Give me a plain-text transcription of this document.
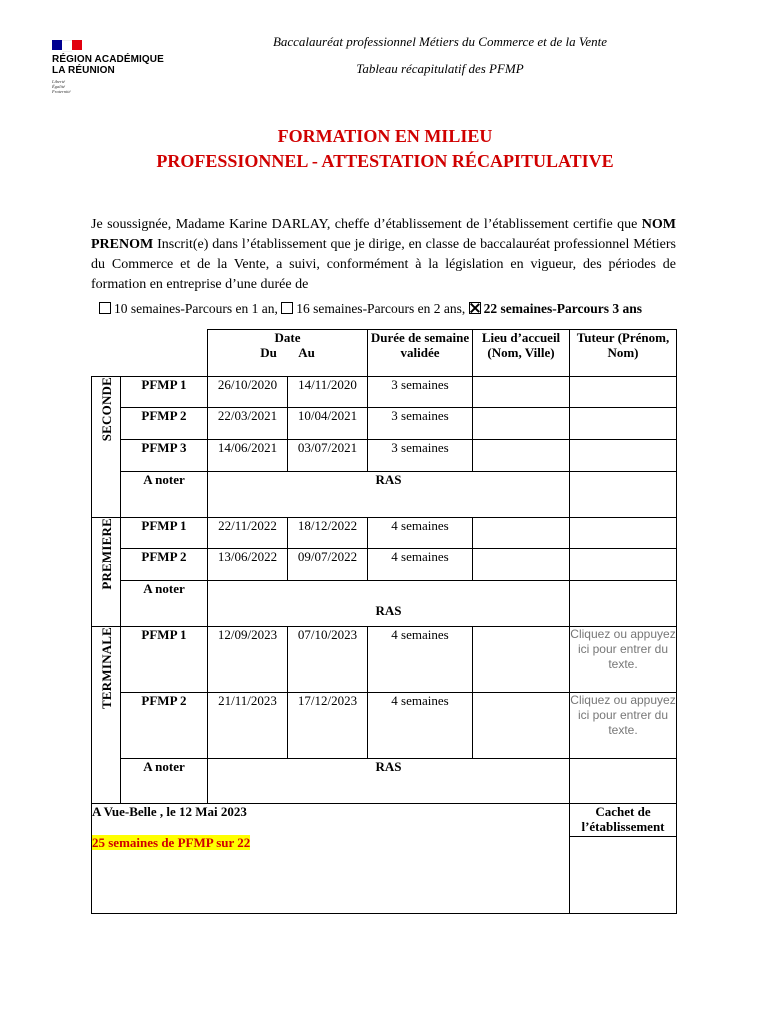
RÉGION ACADÉMIQUE
LA RÉUNION
Liberté
Égalité
Fraternité
Baccalauréat professionnel Métiers du Commerce et de la Vente
Tableau récapitulatif des PFMP
FORMATION EN MILIEU
PROFESSIONNEL - ATTESTATION RÉCAPITULATIVE
Je soussignée, Madame Karine DARLAY, cheffe d’établissement de l’établissement certifie que NOM PRENOM Inscrit(e) dans l’établissement que je dirige, en classe de baccalauréat professionnel Métiers du Commerce et de la Vente, a suivi, conformément à la législation en vigueur, des périodes de formation en entreprise d’une durée de
10 semaines-Parcours en 1 an, 16 semaines-Parcours en 2 ans, 22 semaines-Parcours 3 ans

		Date
Du Au		Durée de semaine validée	Lieu d’accueil (Nom, Ville)	Tuteur (Prénom, Nom)
SECONDE	PFMP 1	26/10/2020	14/11/2020	3 semaines		
	PFMP 2	22/03/2021	10/04/2021	3 semaines		
	PFMP 3	14/06/2021	03/07/2021	3 semaines		
	A noter	RAS				
PREMIERE	PFMP 1	22/11/2022	18/12/2022	4 semaines		
	PFMP 2	13/06/2022	09/07/2022	4 semaines		
	A noter	RAS				
TERMINALE	PFMP 1	12/09/2023	07/10/2023	4 semaines		Cliquez ou appuyez ici pour entrer du texte.
	PFMP 2	21/11/2023	17/12/2023	4 semaines		Cliquez ou appuyez ici pour entrer du texte.
	A noter	RAS				

A Vue-Belle , le 12 Mai 2023
25 semaines de PFMP sur 22						Cachet de l’établissement
